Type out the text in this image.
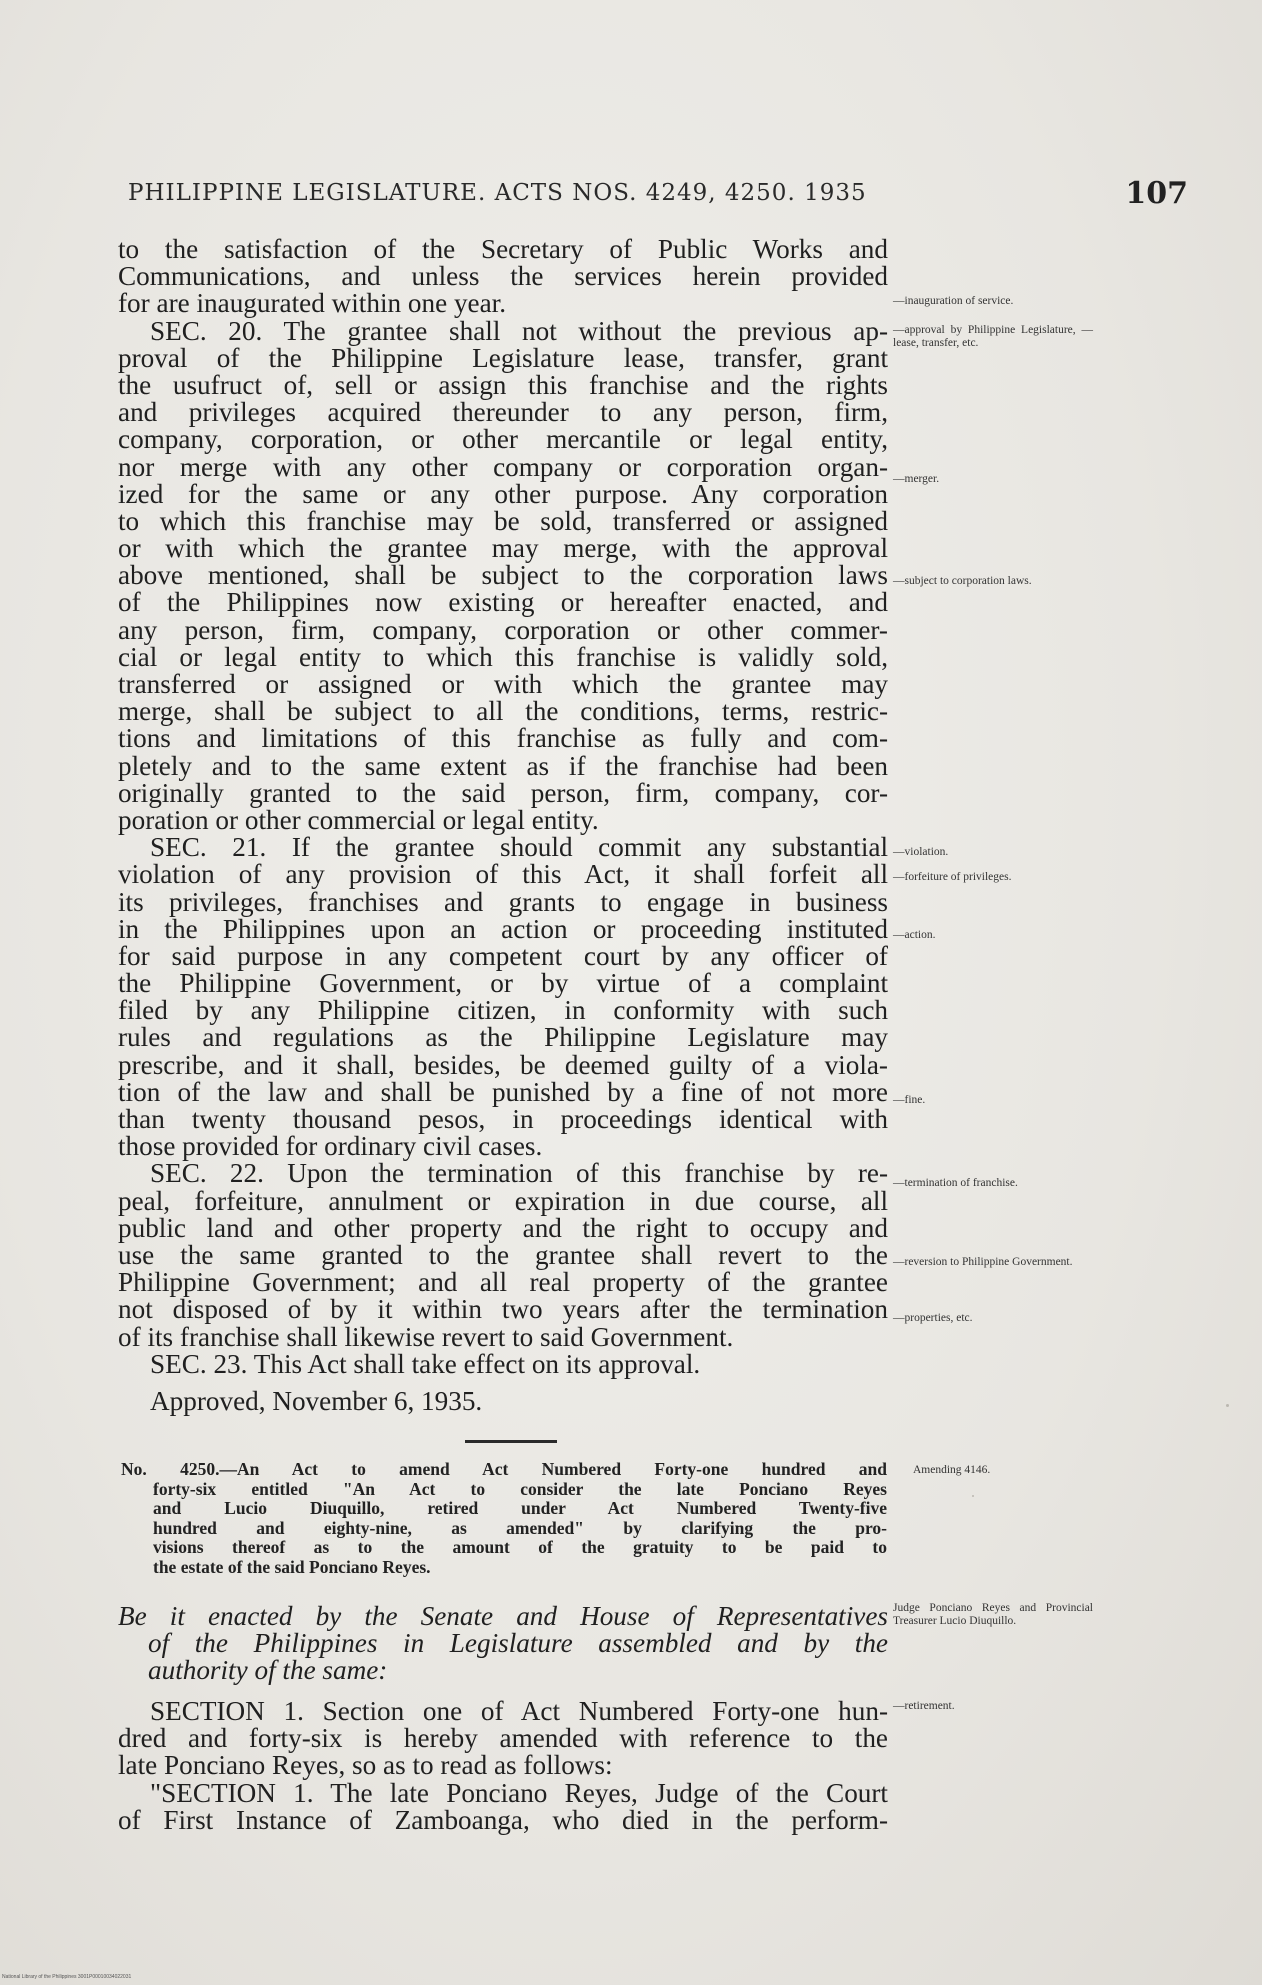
PHILIPPINE LEGISLATURE. ACTS NOS. 4249, 4250. 1935	107
to the satisfaction of the Secretary of Public Works and
Communications, and unless the services herein provided
for are inaugurated within one year.
SEC. 20. The grantee shall not without the previous ap-
proval of the Philippine Legislature lease, transfer, grant
the usufruct of, sell or assign this franchise and the rights
and privileges acquired thereunder to any person, firm,
company, corporation, or other mercantile or legal entity,
nor merge with any other company or corporation organ-
ized for the same or any other purpose. Any corporation
to which this franchise may be sold, transferred or assigned
or with which the grantee may merge, with the approval
above mentioned, shall be subject to the corporation laws
of the Philippines now existing or hereafter enacted, and
any person, firm, company, corporation or other commer-
cial or legal entity to which this franchise is validly sold,
transferred or assigned or with which the grantee may
merge, shall be subject to all the conditions, terms, restric-
tions and limitations of this franchise as fully and com-
pletely and to the same extent as if the franchise had been
originally granted to the said person, firm, company, cor-
poration or other commercial or legal entity.
SEC. 21. If the grantee should commit any substantial
violation of any provision of this Act, it shall forfeit all
its privileges, franchises and grants to engage in business
in the Philippines upon an action or proceeding instituted
for said purpose in any competent court by any officer of
the Philippine Government, or by virtue of a complaint
filed by any Philippine citizen, in conformity with such
rules and regulations as the Philippine Legislature may
prescribe, and it shall, besides, be deemed guilty of a viola-
tion of the law and shall be punished by a fine of not more
than twenty thousand pesos, in proceedings identical with
those provided for ordinary civil cases.
SEC. 22. Upon the termination of this franchise by re-
peal, forfeiture, annulment or expiration in due course, all
public land and other property and the right to occupy and
use the same granted to the grantee shall revert to the
Philippine Government; and all real property of the grantee
not disposed of by it within two years after the termination
of its franchise shall likewise revert to said Government.
SEC. 23. This Act shall take effect on its approval.
Approved, November 6, 1935.
No. 4250.—An Act to amend Act Numbered Forty-one hundred and
forty-six entitled "An Act to consider the late Ponciano Reyes
and Lucio Diuquillo, retired under Act Numbered Twenty-five
hundred and eighty-nine, as amended" by clarifying the pro-
visions thereof as to the amount of the gratuity to be paid to
the estate of the said Ponciano Reyes.
Be it enacted by the Senate and House of Representatives
of the Philippines in Legislature assembled and by the
authority of the same:
SECTION 1. Section one of Act Numbered Forty-one hun-
dred and forty-six is hereby amended with reference to the
late Ponciano Reyes, so as to read as follows:
"SECTION 1. The late Ponciano Reyes, Judge of the Court
of First Instance of Zamboanga, who died in the perform-
—inauguration of service.
—approval by Philippine Legislature, —lease, transfer, etc.
—merger.
—subject to corporation laws.
—violation.
—forfeiture of privileges.
—action.
—fine.
—termination of franchise.
—reversion to Philippine Government.
—properties, etc.
Amending 4146.
Judge Ponciano Reyes and Provincial Treasurer Lucio Diuquillo.
—retirement.
National Library of the Philippines 3001P00010034022031
